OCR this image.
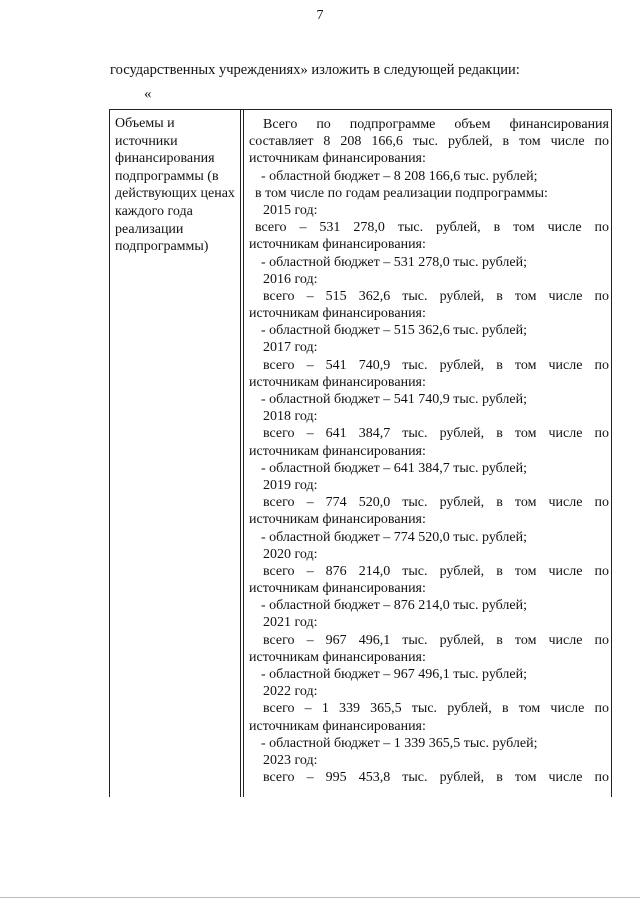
7
государственных учреждениях» изложить в следующей редакции:
«
Объемы и
источники
финансирования
подпрограммы (в
действующих ценах
каждого года
реализации
подпрограммы)
Всего по подпрограмме объем финансирования
составляет 8 208 166,6 тыс. рублей, в том числе по
источникам финансирования:
- областной бюджет – 8 208 166,6 тыс. рублей;
в том числе по годам реализации подпрограммы:
2015 год:
всего – 531 278,0 тыс. рублей, в том числе по
источникам финансирования:
- областной бюджет – 531 278,0 тыс. рублей;
2016 год:
всего – 515 362,6 тыс. рублей, в том числе по
источникам финансирования:
- областной бюджет – 515 362,6 тыс. рублей;
2017 год:
всего – 541 740,9 тыс. рублей, в том числе по
источникам финансирования:
- областной бюджет – 541 740,9 тыс. рублей;
2018 год:
всего – 641 384,7 тыс. рублей, в том числе по
источникам финансирования:
- областной бюджет – 641 384,7 тыс. рублей;
2019 год:
всего – 774 520,0 тыс. рублей, в том числе по
источникам финансирования:
- областной бюджет – 774 520,0 тыс. рублей;
2020 год:
всего – 876 214,0 тыс. рублей, в том числе по
источникам финансирования:
- областной бюджет – 876 214,0 тыс. рублей;
2021 год:
всего – 967 496,1 тыс. рублей, в том числе по
источникам финансирования:
- областной бюджет – 967 496,1 тыс. рублей;
2022 год:
всего – 1 339 365,5 тыс. рублей, в том числе по
источникам финансирования:
- областной бюджет – 1 339 365,5 тыс. рублей;
2023 год:
всего – 995 453,8 тыс. рублей, в том числе по
